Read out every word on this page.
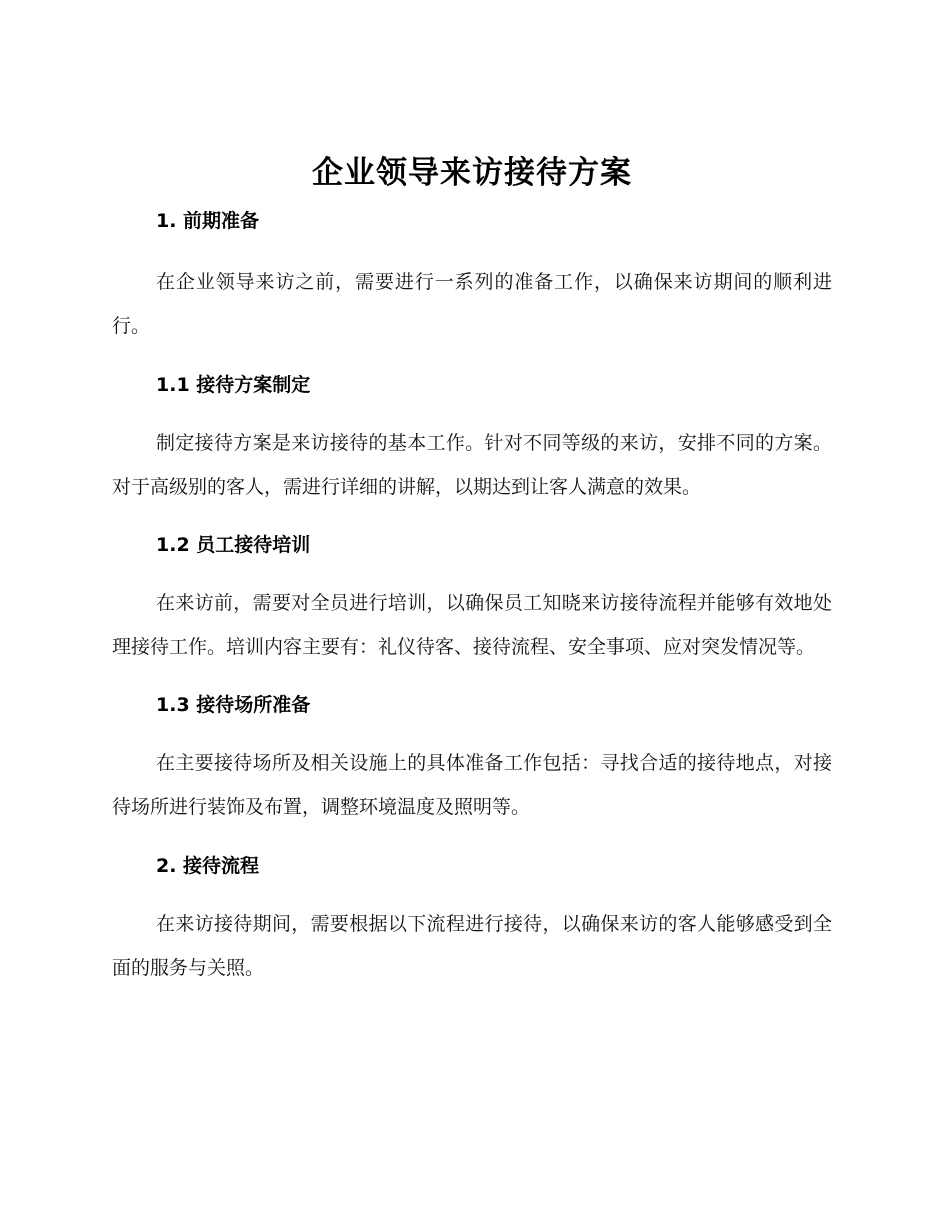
企业领导来访接待方案
1. 前期准备

在企业领导来访之前，需要进行一系列的准备工作，以确保来访期间的顺利进行。

1.1 接待方案制定

制定接待方案是来访接待的基本工作。针对不同等级的来访，安排不同的方案。对于高级别的客人，需进行详细的讲解，以期达到让客人满意的效果。

1.2 员工接待培训

在来访前，需要对全员进行培训，以确保员工知晓来访接待流程并能够有效地处理接待工作。培训内容主要有：礼仪待客、接待流程、安全事项、应对突发情况等。

1.3 接待场所准备

在主要接待场所及相关设施上的具体准备工作包括：寻找合适的接待地点，对接待场所进行装饰及布置，调整环境温度及照明等。

2. 接待流程

在来访接待期间，需要根据以下流程进行接待，以确保来访的客人能够感受到全面的服务与关照。
